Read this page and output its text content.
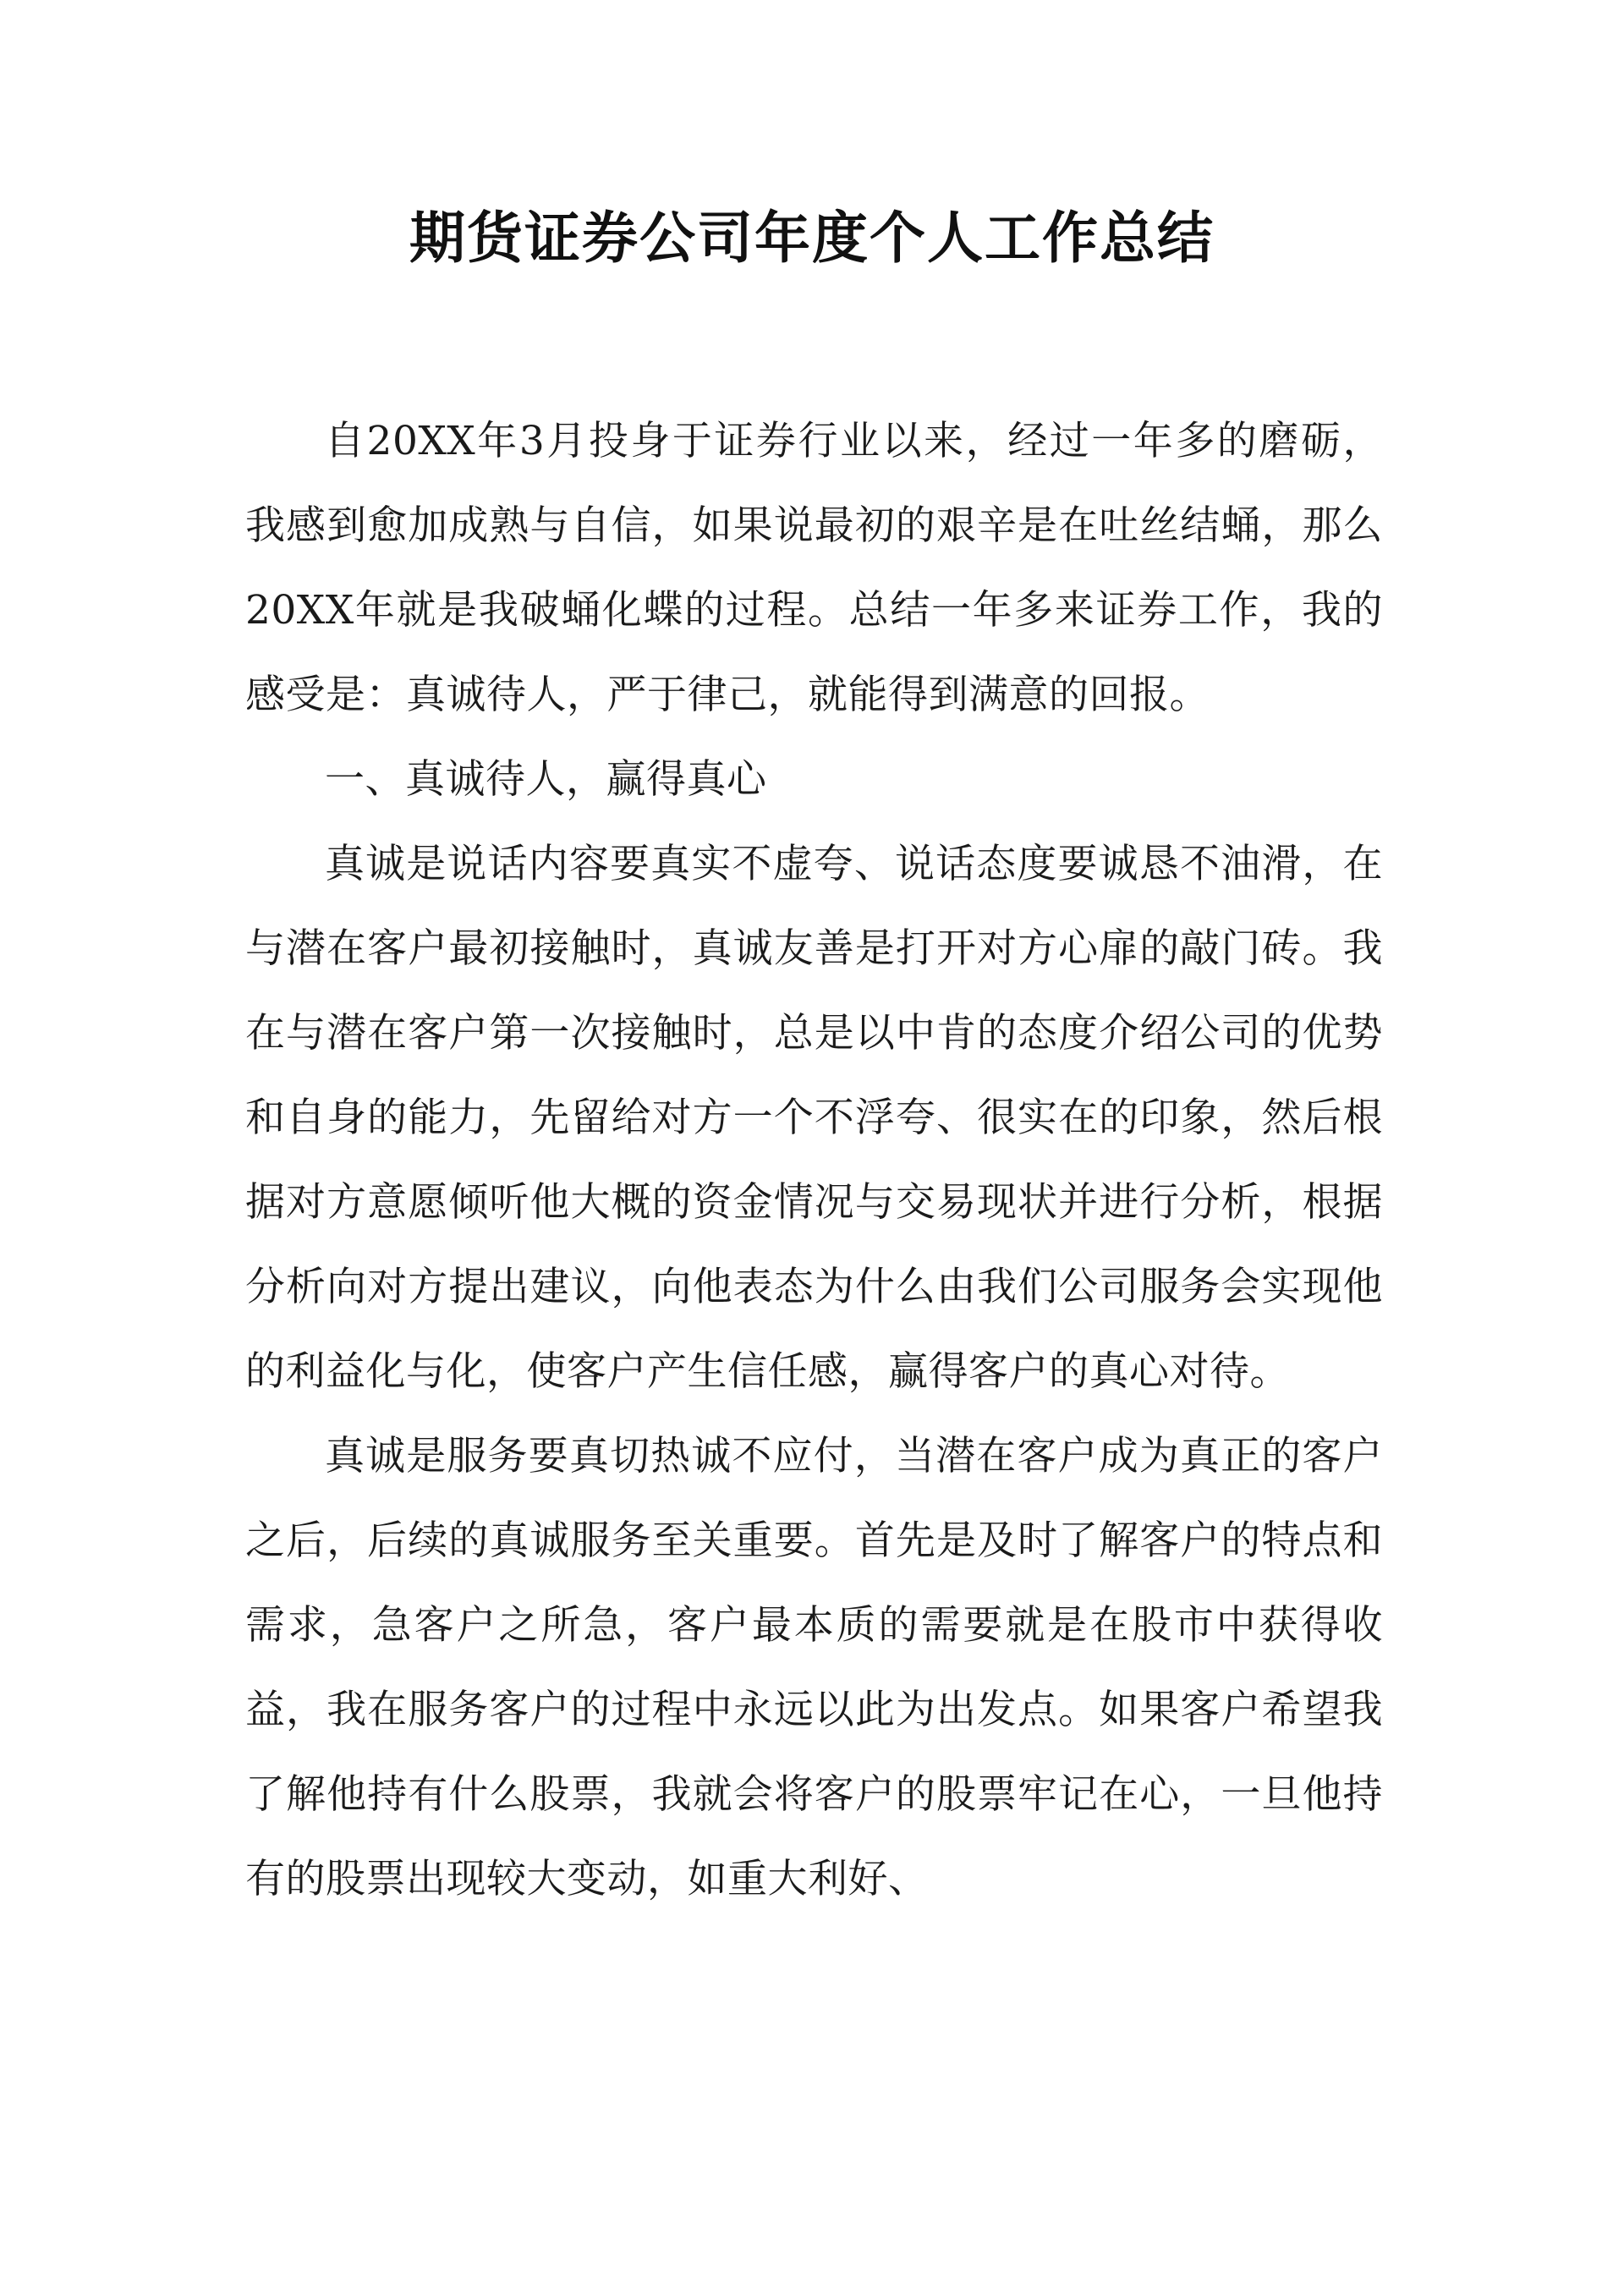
期货证券公司年度个人工作总结

自20XX年3月投身于证券行业以来，经过一年多的磨砺，我感到愈加成熟与自信，如果说最初的艰辛是在吐丝结蛹，那么20XX年就是我破蛹化蝶的过程。总结一年多来证券工作，我的感受是：真诚待人，严于律己，就能得到满意的回报。

一、真诚待人，赢得真心

真诚是说话内容要真实不虚夸、说话态度要诚恳不油滑，在与潜在客户最初接触时，真诚友善是打开对方心扉的敲门砖。我在与潜在客户第一次接触时，总是以中肯的态度介绍公司的优势和自身的能力，先留给对方一个不浮夸、很实在的印象，然后根据对方意愿倾听他大概的资金情况与交易现状并进行分析，根据分析向对方提出建议，向他表态为什么由我们公司服务会实现他的利益化与化，使客户产生信任感，赢得客户的真心对待。

真诚是服务要真切热诚不应付，当潜在客户成为真正的客户之后，后续的真诚服务至关重要。首先是及时了解客户的特点和需求，急客户之所急，客户最本质的需要就是在股市中获得收益，我在服务客户的过程中永远以此为出发点。如果客户希望我了解他持有什么股票，我就会将客户的股票牢记在心，一旦他持有的股票出现较大变动，如重大利好、
